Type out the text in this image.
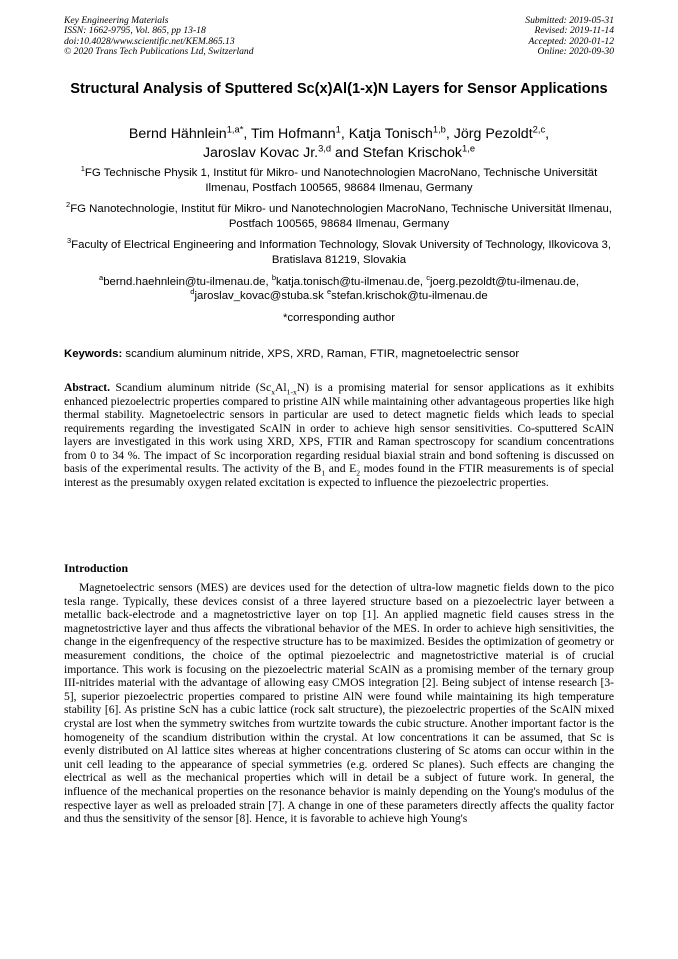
Key Engineering Materials
ISSN: 1662-9795, Vol. 865, pp 13-18
doi:10.4028/www.scientific.net/KEM.865.13
© 2020 Trans Tech Publications Ltd, Switzerland
Submitted: 2019-05-31
Revised: 2019-11-14
Accepted: 2020-01-12
Online: 2020-09-30
Structural Analysis of Sputtered Sc(x)Al(1-x)N Layers for Sensor Applications
Bernd Hähnlein$^{1,a*}$, Tim Hofmann$^1$, Katja Tonisch$^{1,b}$, Jörg Pezoldt$^{2,c}$,
Jaroslav Kovac Jr.$^{3,d}$ and Stefan Krischok$^{1,e}$
$^1$FG Technische Physik 1, Institut für Mikro- und Nanotechnologien MacroNano, Technische Universität Ilmenau, Postfach 100565, 98684 Ilmenau, Germany
$^2$FG Nanotechnologie, Institut für Mikro- und Nanotechnologien MacroNano, Technische Universität Ilmenau, Postfach 100565, 98684 Ilmenau, Germany
$^3$Faculty of Electrical Engineering and Information Technology, Slovak University of Technology, Ilkovicova 3, Bratislava 81219, Slovakia
$^a$bernd.haehnlein@tu-ilmenau.de, $^b$katja.tonisch@tu-ilmenau.de, $^c$joerg.pezoldt@tu-ilmenau.de,
$^d$jaroslav_kovac@stuba.sk $^e$stefan.krischok@tu-ilmenau.de
*corresponding author
Keywords: scandium aluminum nitride, XPS, XRD, Raman, FTIR, magnetoelectric sensor
Abstract. Scandium aluminum nitride $(Sc_xAl_{1-x}N)$ is a promising material for sensor applications as it exhibits enhanced piezoelectric properties compared to pristine AlN while maintaining other advantageous properties like high thermal stability. Magnetoelectric sensors in particular are used to detect magnetic fields which leads to special requirements regarding the investigated ScAlN in order to achieve high sensor sensitivities. Co-sputtered ScAlN layers are investigated in this work using XRD, XPS, FTIR and Raman spectroscopy for scandium concentrations from 0 to 34 %. The impact of Sc incorporation regarding residual biaxial strain and bond softening is discussed on basis of the experimental results. The activity of the $B_1$ and $E_2$ modes found in the FTIR measurements is of special interest as the presumably oxygen related excitation is expected to influence the piezoelectric properties.
Introduction
Magnetoelectric sensors (MES) are devices used for the detection of ultra-low magnetic fields down to the pico tesla range. Typically, these devices consist of a three layered structure based on a piezoelectric layer between a metallic back-electrode and a magnetostrictive layer on top [1]. An applied magnetic field causes stress in the magnetostrictive layer and thus affects the vibrational behavior of the MES. In order to achieve high sensitivities, the change in the eigenfrequency of the respective structure has to be maximized. Besides the optimization of geometry or measurement conditions, the choice of the optimal piezoelectric and magnetostrictive material is of crucial importance. This work is focusing on the piezoelectric material ScAlN as a promising member of the ternary group III-nitrides material with the advantage of allowing easy CMOS integration [2]. Being subject of intense research [3-5], superior piezoelectric properties compared to pristine AlN were found while maintaining its high temperature stability [6]. As pristine ScN has a cubic lattice (rock salt structure), the piezoelectric properties of the ScAlN mixed crystal are lost when the symmetry switches from wurtzite towards the cubic structure. Another important factor is the homogeneity of the scandium distribution within the crystal. At low concentrations it can be assumed, that Sc is evenly distributed on Al lattice sites whereas at higher concentrations clustering of Sc atoms can occur within in the unit cell leading to the appearance of special symmetries (e.g. ordered Sc planes). Such effects are changing the electrical as well as the mechanical properties which will in detail be a subject of future work. In general, the influence of the mechanical properties on the resonance behavior is mainly depending on the Young's modulus of the respective layer as well as preloaded strain [7]. A change in one of these parameters directly affects the quality factor and thus the sensitivity of the sensor [8]. Hence, it is favorable to achieve high Young's
